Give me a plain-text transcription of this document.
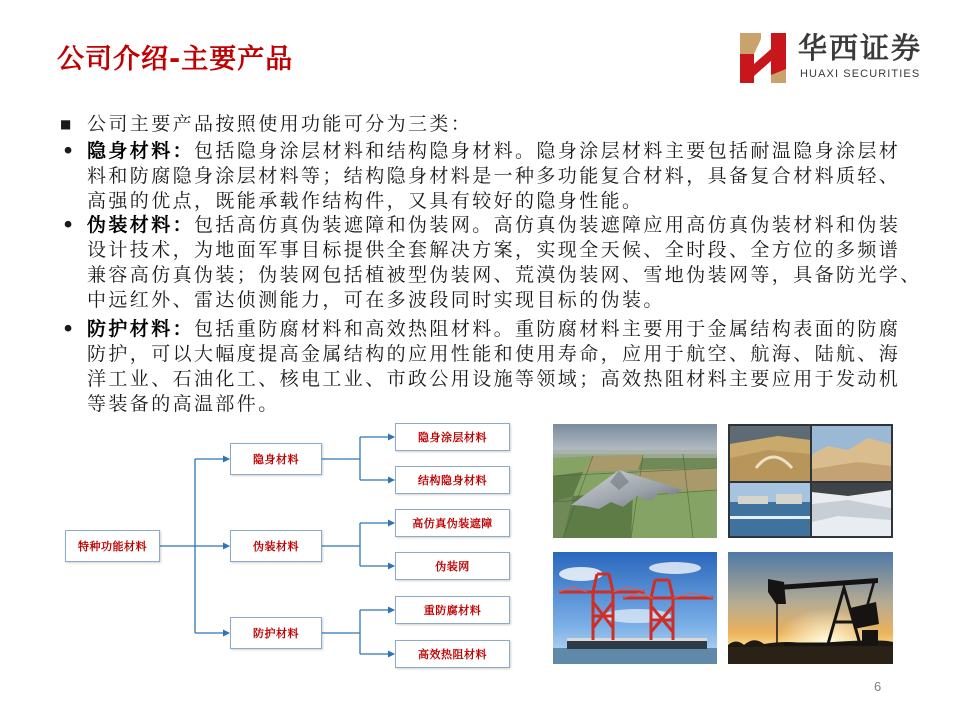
公司介绍-主要产品	华西证券
HUAXI SECURITIES
■ 公司主要产品按照使用功能可分为三类：
• 隐身材料：包括隐身涂层材料和结构隐身材料。隐身涂层材料主要包括耐温隐身涂层材
料和防腐隐身涂层材料等；结构隐身材料是一种多功能复合材料，具备复合材料质轻、
高强的优点，既能承载作结构件，又具有较好的隐身性能。
• 伪装材料：包括高仿真伪装遮障和伪装网。高仿真伪装遮障应用高仿真伪装材料和伪装
设计技术，为地面军事目标提供全套解决方案，实现全天候、全时段、全方位的多频谱
兼容高仿真伪装；伪装网包括植被型伪装网、荒漠伪装网、雪地伪装网等，具备防光学、
中远红外、雷达侦测能力，可在多波段同时实现目标的伪装。
• 防护材料：包括重防腐材料和高效热阻材料。重防腐材料主要用于金属结构表面的防腐
防护，可以大幅度提高金属结构的应用性能和使用寿命，应用于航空、航海、陆航、海
洋工业、石油化工、核电工业、市政公用设施等领域；高效热阻材料主要应用于发动机
等装备的高温部件。
特种功能材料
隐身材料
伪装材料
防护材料
隐身涂层材料
结构隐身材料
高仿真伪装遮障
伪装网
重防腐材料
高效热阻材料
6
